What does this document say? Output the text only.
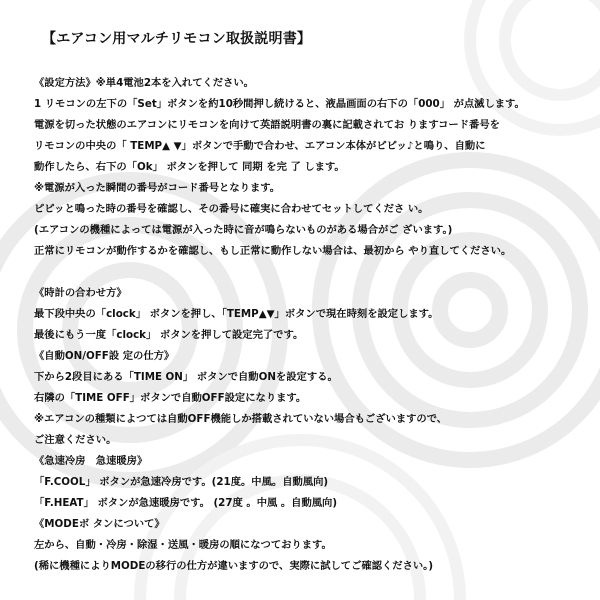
【エアコン用マルチリモコン取扱説明書】
《設定方法》※単4電池2本を入れてください。
1 リモコンの左下の「Set」ボタンを約10秒間押し続けると、液晶画面の右下の「000」 が点滅します。
電源を切った状態のエアコンにリモコンを向けて英語説明書の裏に記載されてお りますコード番号を
リモコンの中央の「 TEMP▲ ▼」ボタンで手動で合わせ、エアコン本体がピピッ♪と鳴り、自動に
動作したら、右下の「Ok」 ボタンを押して 同期 を完 了 します。
※電源が入った瞬間の番号がコード番号となります。
ピピッと鳴った時の番号を確認し、その番号に確実に合わせてセットしてくださ い。
(エアコンの機種によっては電源が入った時に音が鳴らないものがある場合がご ざいます。)
正常にリモコンが動作するかを確認し、もし正常に動作しない場合は、最初から やり直してください。
《時計の合わせ方》
最下段中央の「clock」 ボタンを押し、「TEMP▲▼」ボタンで現在時刻を設定します。
最後にもう一度「clock」 ボタンを押して設定完了です。
《自動ON/OFF設 定の仕方》
下から2段目にある「TIME ON」 ボタンで自動ONを設定する。
右隣の「TIME OFF」ボタンで自動OFF設定になります。
※エアコンの種類によつては自動OFF機能しか搭載されていない場合もございますので、
ご注意ください。
《急速冷房　急速暖房》
「F.COOL」 ボタンが急速冷房です。(21度。中風。自動風向)
「F.HEAT」 ボタンが急速暖房です。 (27度 。中風 。自動風向)
《MODEボ タンについて》
左から、自動・冷房・除湿・送風・暖房の順になつております。
(稀に機種によりMODEの移行の仕方が違いますので、実際に試してご確認ください。)
